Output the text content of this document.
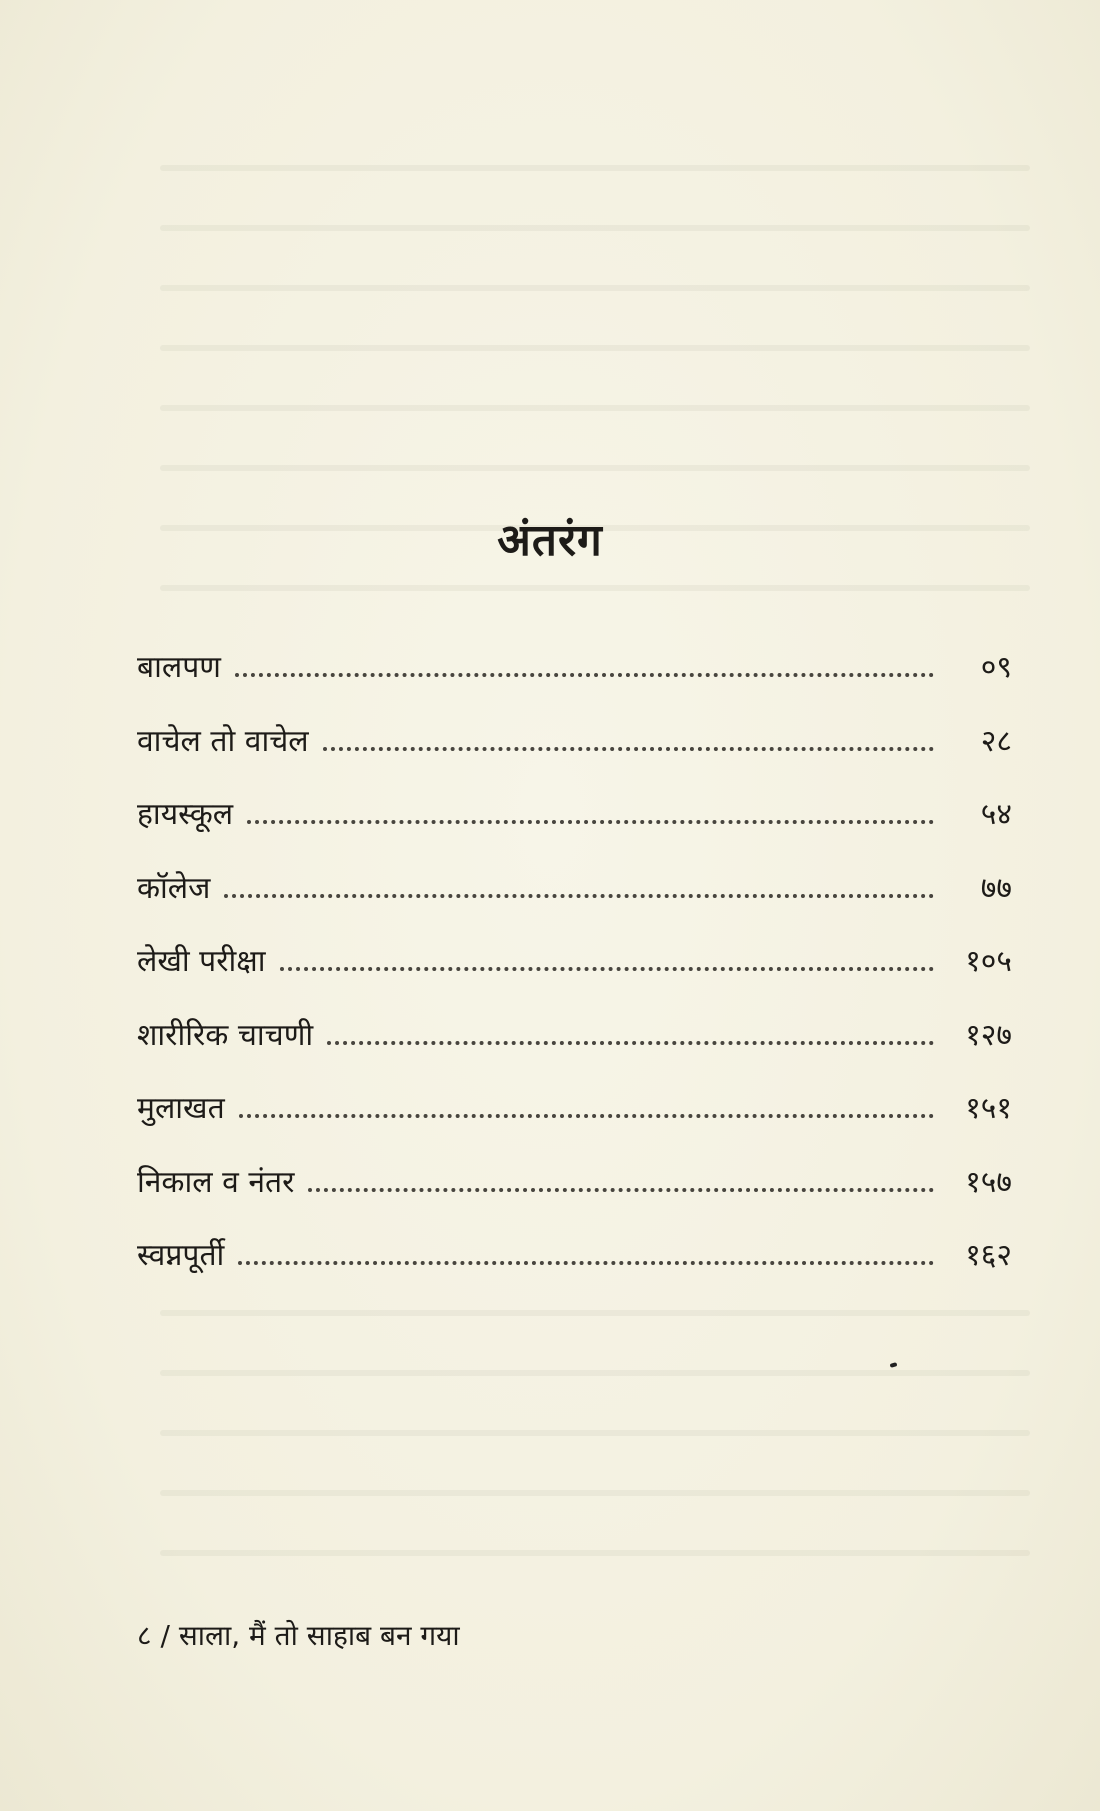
अंतरंग
बालपण	०९
वाचेल तो वाचेल	२८
हायस्कूल	५४
कॉलेज	७७
लेखी परीक्षा	१०५
शारीरिक चाचणी	१२७
मुलाखत	१५१
निकाल व नंतर	१५७
स्वप्नपूर्ती	१६२
८ / साला, मैं तो साहाब बन गया
